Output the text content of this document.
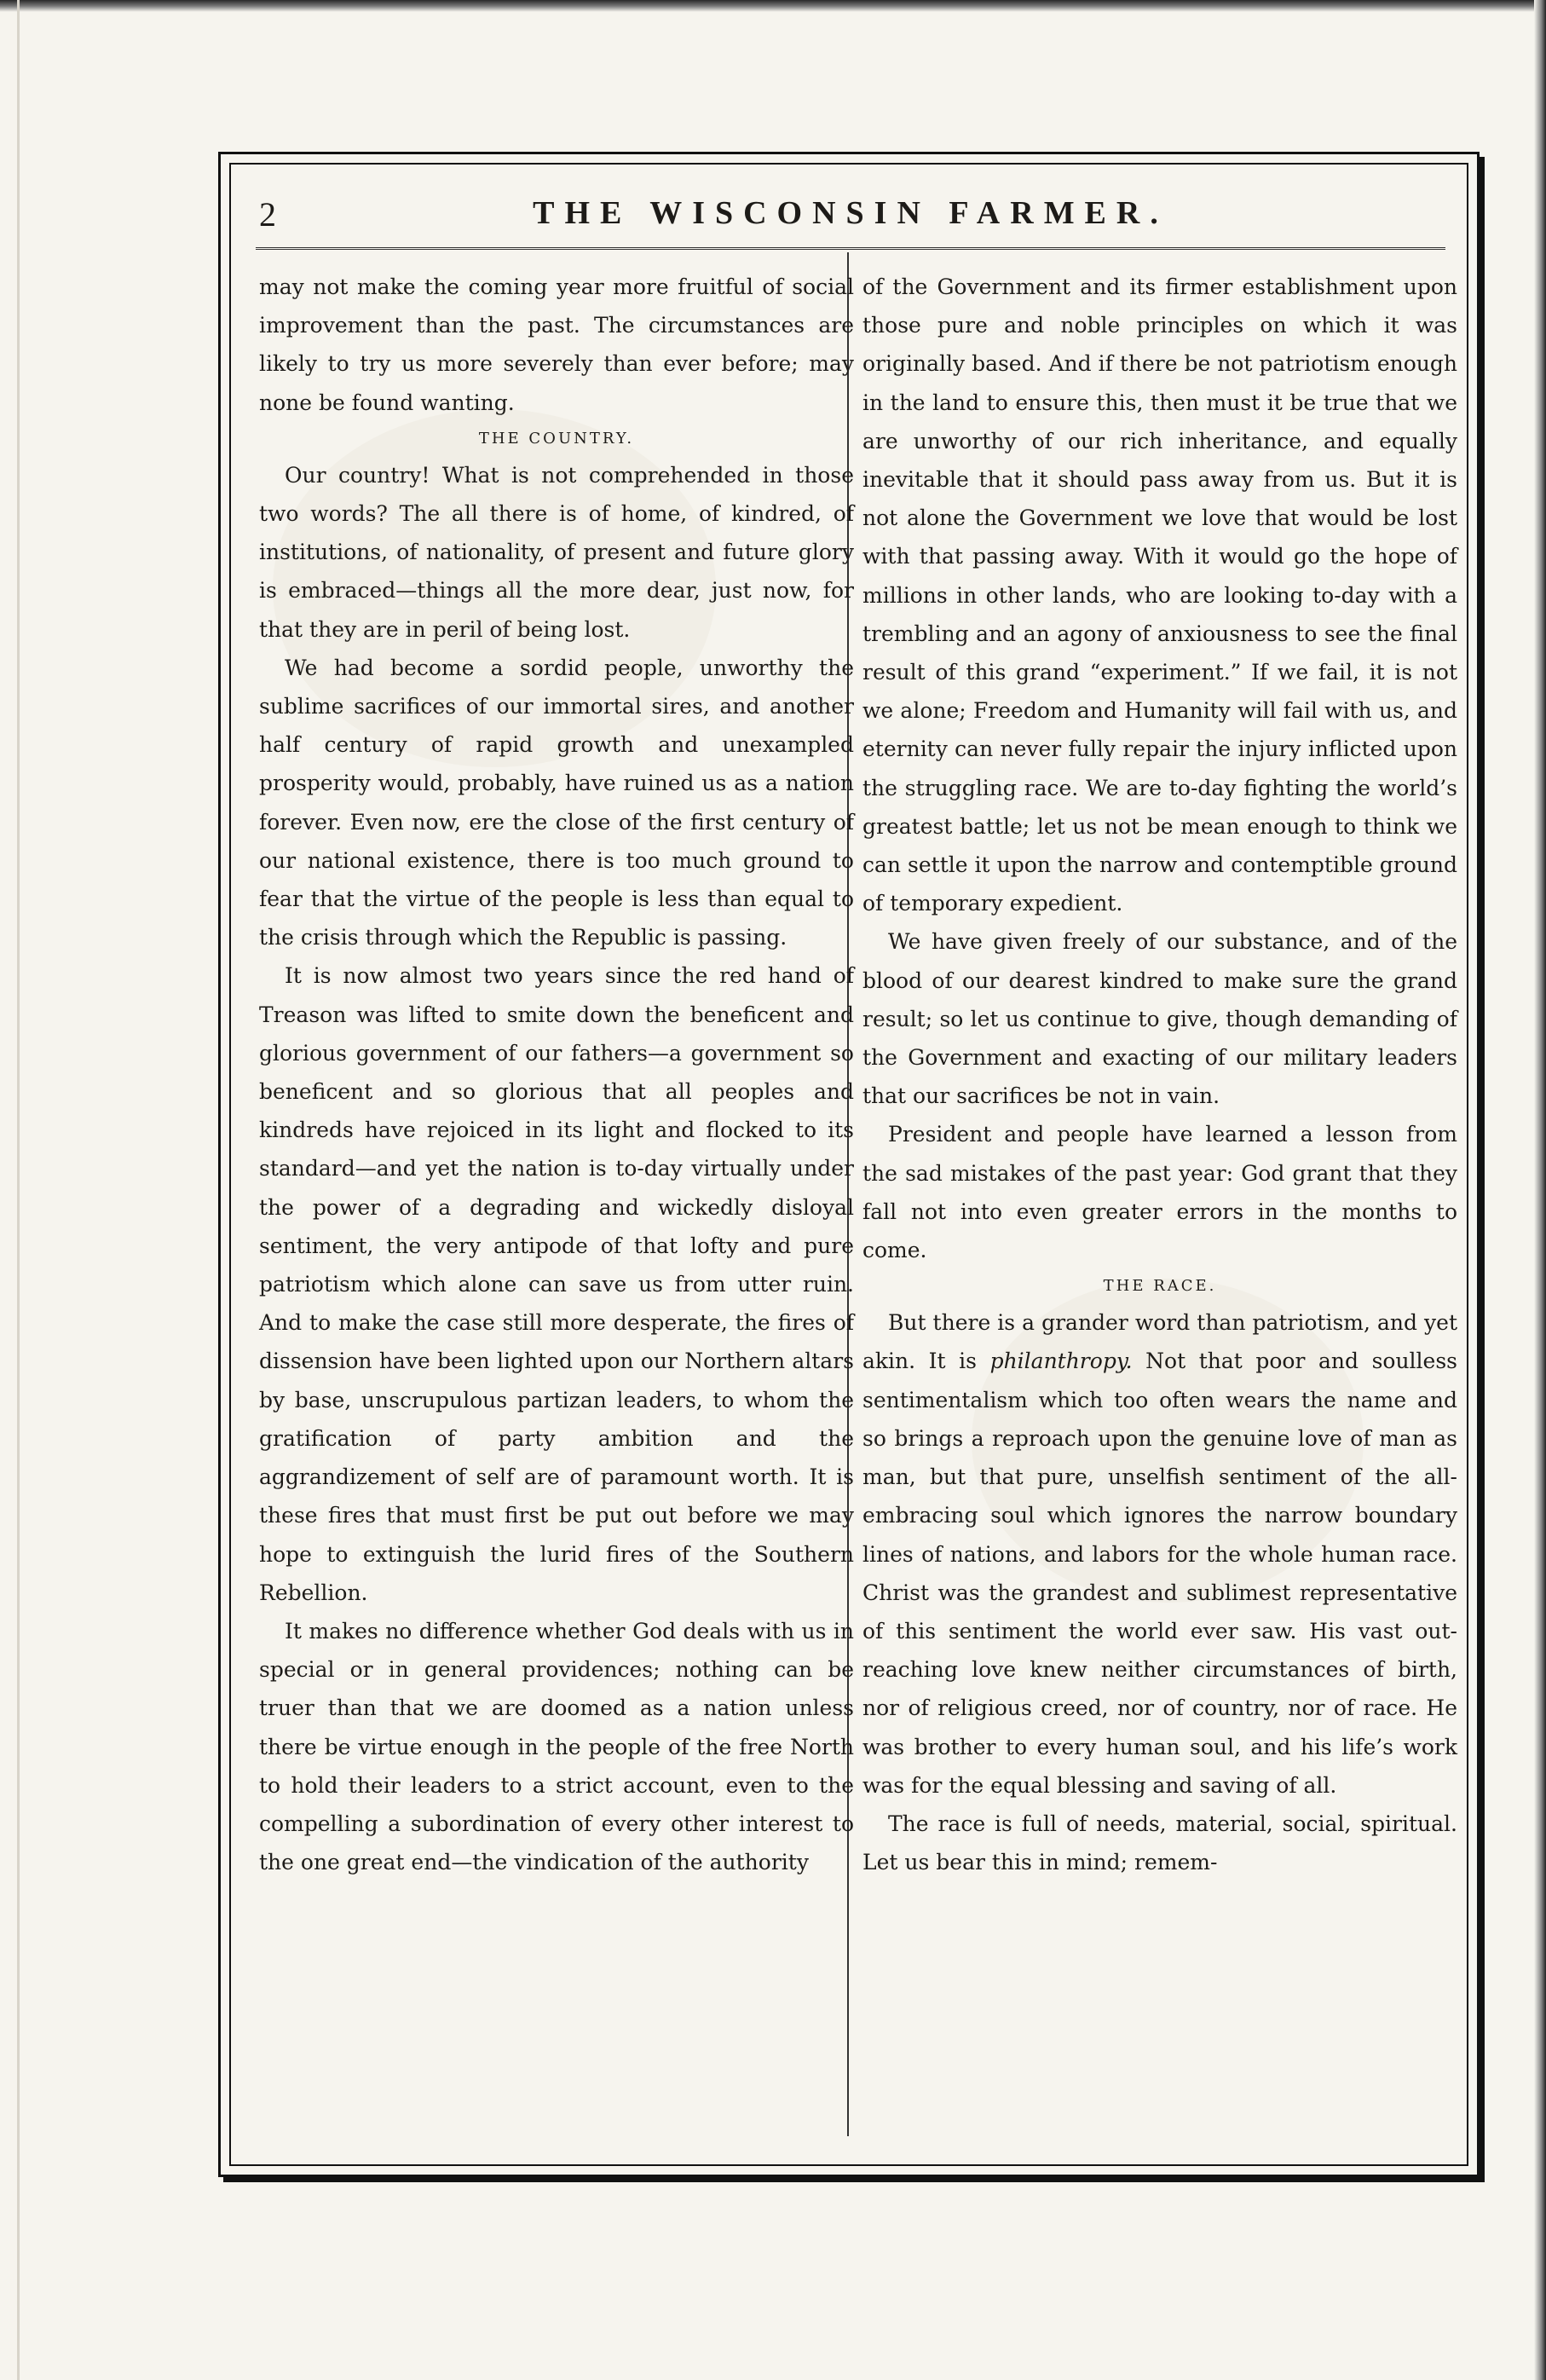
2	THE WISCONSIN FARMER.

may not make the coming year more fruitful of social improvement than the past. The circumstances are likely to try us more severely than ever before; may none be found wanting.

THE COUNTRY.

Our country! What is not comprehended in those two words? The all there is of home, of kindred, of institutions, of nationality, of present and future glory is embraced—things all the more dear, just now, for that they are in peril of being lost.

We had become a sordid people, unworthy the sublime sacrifices of our immortal sires, and another half century of rapid growth and unexampled prosperity would, probably, have ruined us as a nation forever. Even now, ere the close of the first century of our national existence, there is too much ground to fear that the virtue of the people is less than equal to the crisis through which the Republic is passing.

It is now almost two years since the red hand of Treason was lifted to smite down the beneficent and glorious government of our fathers—a government so beneficent and so glorious that all peoples and kindreds have rejoiced in its light and flocked to its standard—and yet the nation is to-day virtually under the power of a degrading and wickedly disloyal sentiment, the very antipode of that lofty and pure patriotism which alone can save us from utter ruin. And to make the case still more desperate, the fires of dissension have been lighted upon our Northern altars by base, unscrupulous partizan leaders, to whom the gratification of party ambition and the aggrandizement of self are of paramount worth. It is these fires that must first be put out before we may hope to extinguish the lurid fires of the Southern Rebellion.

It makes no difference whether God deals with us in special or in general providences; nothing can be truer than that we are doomed as a nation unless there be virtue enough in the people of the free North to hold their leaders to a strict account, even to the compelling a subordination of every other interest to the one great end—the vindication of the authority

of the Government and its firmer establishment upon those pure and noble principles on which it was originally based. And if there be not patriotism enough in the land to ensure this, then must it be true that we are unworthy of our rich inheritance, and equally inevitable that it should pass away from us. But it is not alone the Government we love that would be lost with that passing away. With it would go the hope of millions in other lands, who are looking to-day with a trembling and an agony of anxiousness to see the final result of this grand “experiment.” If we fail, it is not we alone; Freedom and Humanity will fail with us, and eternity can never fully repair the injury inflicted upon the struggling race. We are to-day fighting the world’s greatest battle; let us not be mean enough to think we can settle it upon the narrow and contemptible ground of temporary expedient.

We have given freely of our substance, and of the blood of our dearest kindred to make sure the grand result; so let us continue to give, though demanding of the Government and exacting of our military leaders that our sacrifices be not in vain.

President and people have learned a lesson from the sad mistakes of the past year: God grant that they fall not into even greater errors in the months to come.

THE RACE.

But there is a grander word than patriotism, and yet akin. It is philanthropy. Not that poor and soulless sentimentalism which too often wears the name and so brings a reproach upon the genuine love of man as man, but that pure, unselfish sentiment of the all-embracing soul which ignores the narrow boundary lines of nations, and labors for the whole human race. Christ was the grandest and sublimest representative of this sentiment the world ever saw. His vast out-reaching love knew neither circumstances of birth, nor of religious creed, nor of country, nor of race. He was brother to every human soul, and his life’s work was for the equal blessing and saving of all.

The race is full of needs, material, social, spiritual. Let us bear this in mind; remem-
